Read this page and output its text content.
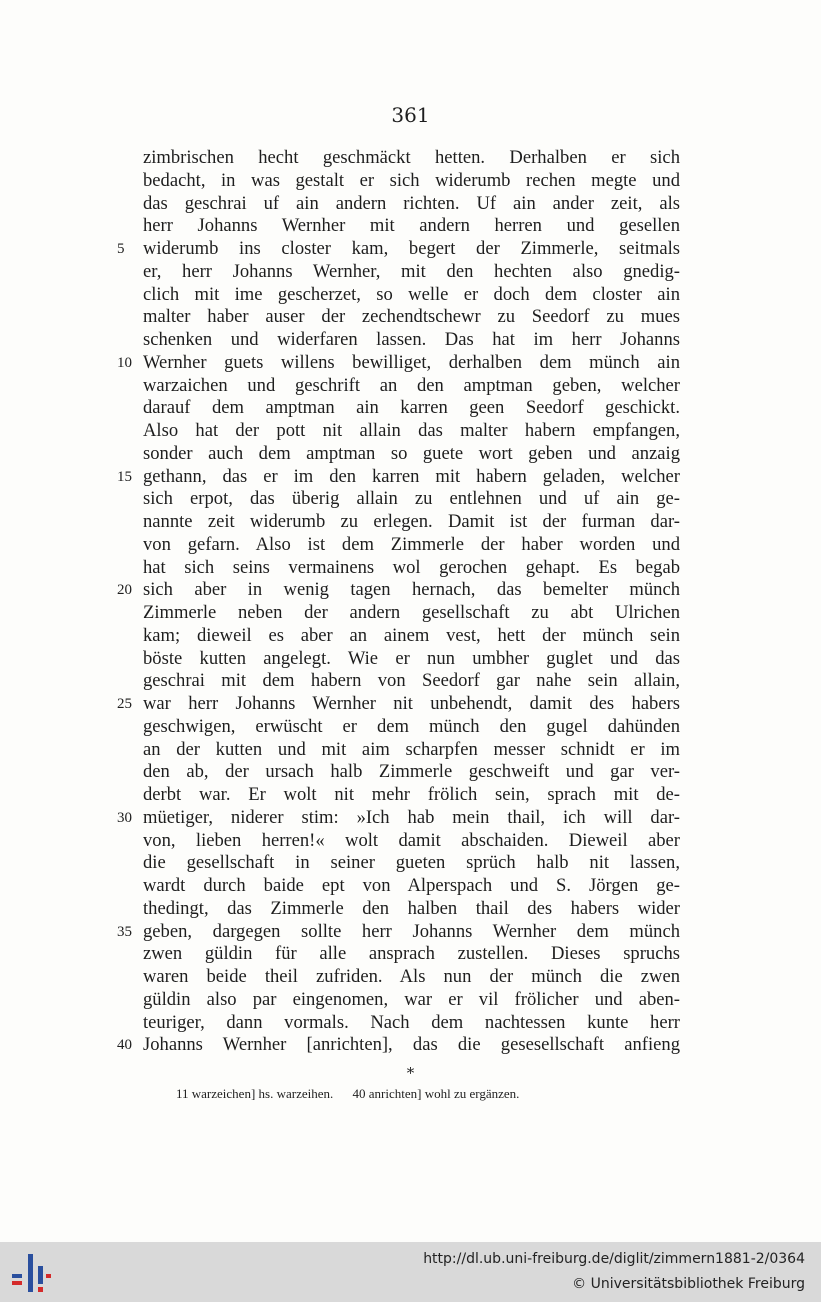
361
zimbrischen hecht geschmäckt hetten. Derhalben er sich
bedacht, in was gestalt er sich widerumb rechen megte und
das geschrai uf ain andern richten. Uf ain ander zeit, als
herr Johanns Wernher mit andern herren und gesellen
5 widerumb ins closter kam, begert der Zimmerle, seitmals
er, herr Johanns Wernher, mit den hechten also gnedig-
clich mit ime gescherzet, so welle er doch dem closter ain
malter haber auser der zechendtschewr zu Seedorf zu mues
schenken und widerfaren lassen. Das hat im herr Johanns
10 Wernher guets willens bewilliget, derhalben dem münch ain
warzaichen und geschrift an den amptman geben, welcher
darauf dem amptman ain karren geen Seedorf geschickt.
Also hat der pott nit allain das malter habern empfangen,
sonder auch dem amptman so guete wort geben und anzaig
15 gethann, das er im den karren mit habern geladen, welcher
sich erpot, das überig allain zu entlehnen und uf ain ge-
nannte zeit widerumb zu erlegen. Damit ist der furman dar-
von gefarn. Also ist dem Zimmerle der haber worden und
hat sich seins vermainens wol gerochen gehapt. Es begab
20 sich aber in wenig tagen hernach, das bemelter münch
Zimmerle neben der andern gesellschaft zu abt Ulrichen
kam; dieweil es aber an ainem vest, hett der münch sein
böste kutten angelegt. Wie er nun umbher guglet und das
geschrai mit dem habern von Seedorf gar nahe sein allain,
25 war herr Johanns Wernher nit unbehendt, damit des habers
geschwigen, erwüscht er dem münch den gugel dahünden
an der kutten und mit aim scharpfen messer schnidt er im
den ab, der ursach halb Zimmerle geschweift und gar ver-
derbt war. Er wolt nit mehr frölich sein, sprach mit de-
30 müetiger, niderer stim: »Ich hab mein thail, ich will dar-
von, lieben herren!« wolt damit abschaiden. Dieweil aber
die gesellschaft in seiner gueten sprüch halb nit lassen,
wardt durch baide ept von Alperspach und S. Jörgen ge-
thedingt, das Zimmerle den halben thail des habers wider
35 geben, dargegen sollte herr Johanns Wernher dem münch
zwen güldin für alle ansprach zustellen. Dieses spruchs
waren beide theil zufriden. Als nun der münch die zwen
güldin also par eingenomen, war er vil frölicher und aben-
teuriger, dann vormals. Nach dem nachtessen kunte herr
40 Johanns Wernher [anrichten], das die gesesellschaft anfieng
*
11 warzeichen] hs. warzeihen. 40 anrichten] wohl zu ergänzen.
http://dl.ub.uni-freiburg.de/diglit/zimmern1881-2/0364
© Universitätsbibliothek Freiburg
